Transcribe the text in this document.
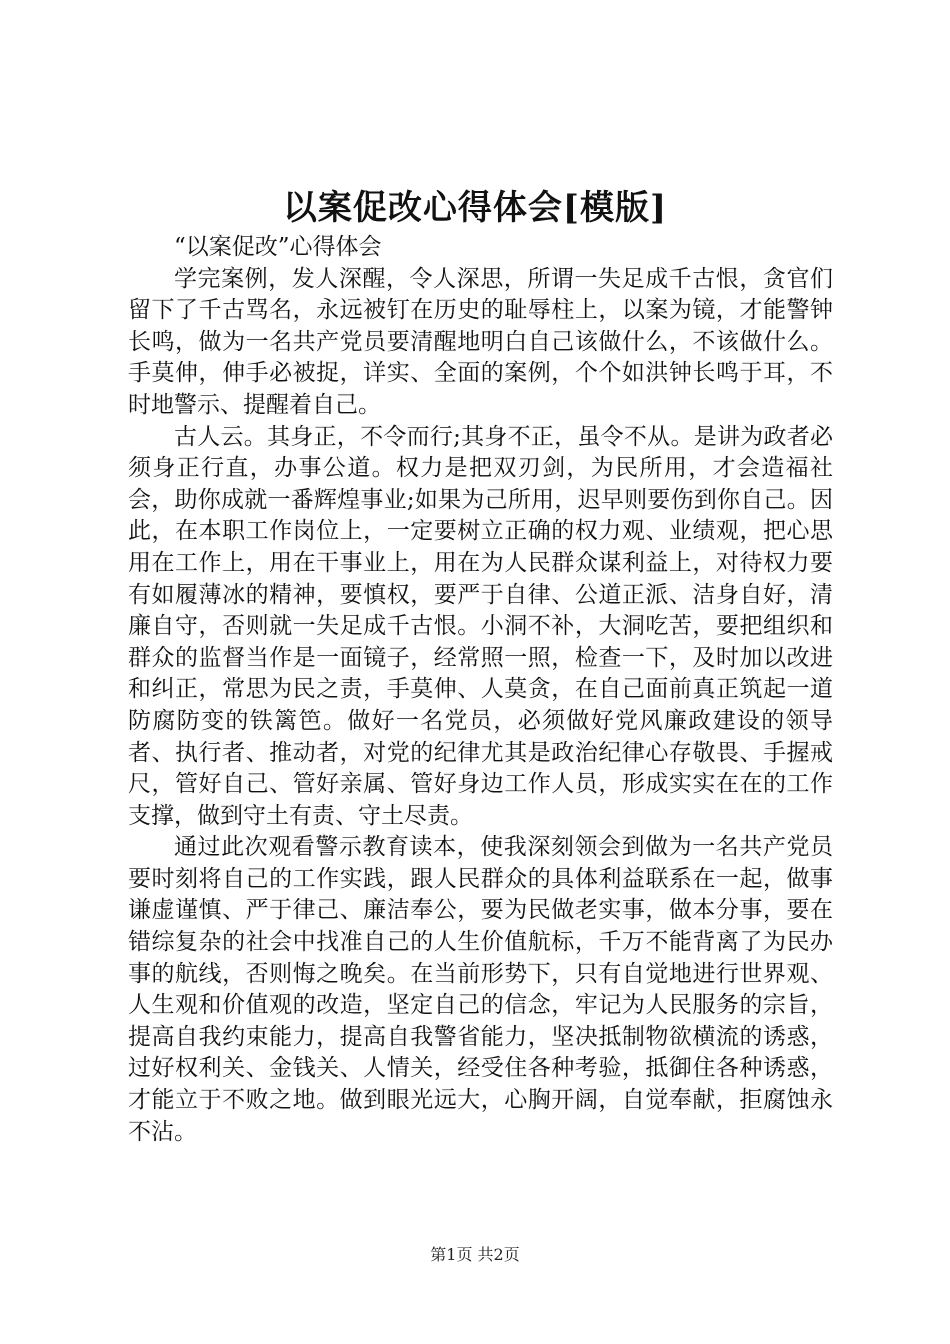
以案促改心得体会[模版]

“以案促改”心得体会

学完案例，发人深醒，令人深思，所谓一失足成千古恨，贪官们留下了千古骂名，永远被钉在历史的耻辱柱上，以案为镜，才能警钟长鸣，做为一名共产党员要清醒地明白自己该做什么，不该做什么。手莫伸，伸手必被捉，详实、全面的案例，个个如洪钟长鸣于耳，不时地警示、提醒着自己。

古人云。其身正，不令而行;其身不正，虽令不从。是讲为政者必须身正行直，办事公道。权力是把双刃剑，为民所用，才会造福社会，助你成就一番辉煌事业;如果为己所用，迟早则要伤到你自己。因此，在本职工作岗位上，一定要树立正确的权力观、业绩观，把心思用在工作上，用在干事业上，用在为人民群众谋利益上，对待权力要有如履薄冰的精神，要慎权，要严于自律、公道正派、洁身自好，清廉自守，否则就一失足成千古恨。小洞不补，大洞吃苦，要把组织和群众的监督当作是一面镜子，经常照一照，检查一下，及时加以改进和纠正，常思为民之责，手莫伸、人莫贪，在自己面前真正筑起一道防腐防变的铁篱笆。做好一名党员，必须做好党风廉政建设的领导者、执行者、推动者，对党的纪律尤其是政治纪律心存敬畏、手握戒尺，管好自己、管好亲属、管好身边工作人员，形成实实在在的工作支撑，做到守土有责、守土尽责。

通过此次观看警示教育读本，使我深刻领会到做为一名共产党员要时刻将自己的工作实践，跟人民群众的具体利益联系在一起，做事谦虚谨慎、严于律己、廉洁奉公，要为民做老实事，做本分事，要在错综复杂的社会中找准自己的人生价值航标，千万不能背离了为民办事的航线，否则悔之晚矣。在当前形势下，只有自觉地进行世界观、人生观和价值观的改造，坚定自己的信念，牢记为人民服务的宗旨，提高自我约束能力，提高自我警省能力，坚决抵制物欲横流的诱惑，过好权利关、金钱关、人情关，经受住各种考验，抵御住各种诱惑，才能立于不败之地。做到眼光远大，心胸开阔，自觉奉献，拒腐蚀永不沾。

第1页 共2页
